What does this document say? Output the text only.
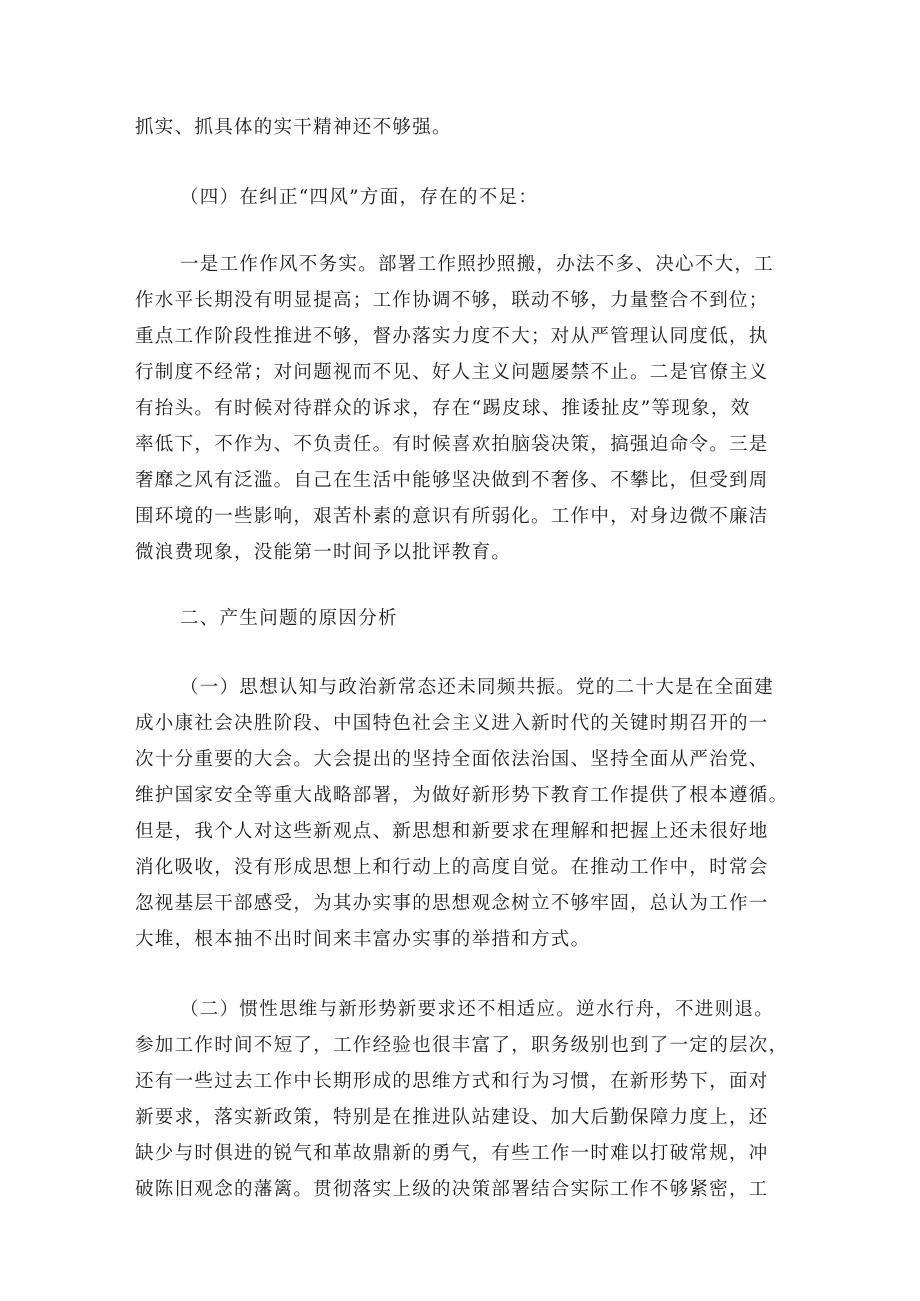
抓实、抓具体的实干精神还不够强。
（四）在纠正“四风”方面，存在的不足：
一是工作作风不务实。部署工作照抄照搬，办法不多、决心不大，工
作水平长期没有明显提高；工作协调不够，联动不够，力量整合不到位；
重点工作阶段性推进不够，督办落实力度不大；对从严管理认同度低，执
行制度不经常；对问题视而不见、好人主义问题屡禁不止。二是官僚主义
有抬头。有时候对待群众的诉求，存在“踢皮球、推诿扯皮”等现象，效
率低下，不作为、不负责任。有时候喜欢拍脑袋决策，搞强迫命令。三是
奢靡之风有泛滥。自己在生活中能够坚决做到不奢侈、不攀比，但受到周
围环境的一些影响，艰苦朴素的意识有所弱化。工作中，对身边微不廉洁
微浪费现象，没能第一时间予以批评教育。
二、产生问题的原因分析
（一）思想认知与政治新常态还未同频共振。党的二十大是在全面建
成小康社会决胜阶段、中国特色社会主义进入新时代的关键时期召开的一
次十分重要的大会。大会提出的坚持全面依法治国、坚持全面从严治党、
维护国家安全等重大战略部署，为做好新形势下教育工作提供了根本遵循。
但是，我个人对这些新观点、新思想和新要求在理解和把握上还未很好地
消化吸收，没有形成思想上和行动上的高度自觉。在推动工作中，时常会
忽视基层干部感受，为其办实事的思想观念树立不够牢固，总认为工作一
大堆，根本抽不出时间来丰富办实事的举措和方式。
（二）惯性思维与新形势新要求还不相适应。逆水行舟，不进则退。
参加工作时间不短了，工作经验也很丰富了，职务级别也到了一定的层次，
还有一些过去工作中长期形成的思维方式和行为习惯，在新形势下，面对
新要求，落实新政策，特别是在推进队站建设、加大后勤保障力度上，还
缺少与时俱进的锐气和革故鼎新的勇气，有些工作一时难以打破常规，冲
破陈旧观念的藩篱。贯彻落实上级的决策部署结合实际工作不够紧密，工
